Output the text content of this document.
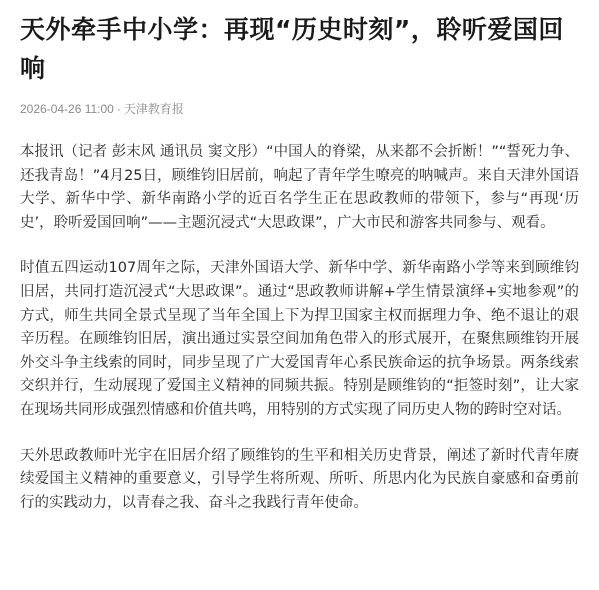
天外牵手中小学：再现“历史时刻”，聆听爱国回响
2026-04-26 11:00 · 天津教育报

本报讯（记者 彭末风 通讯员 窦文彤）“中国人的脊梁，从来都不会折断！”“誓死力争、还我青岛！”4月25日，顾维钧旧居前，响起了青年学生嘹亮的呐喊声。来自天津外国语大学、新华中学、新华南路小学的近百名学生正在思政教师的带领下，参与“再现‘历史’，聆听爱国回响”——主题沉浸式“大思政课”，广大市民和游客共同参与、观看。

时值五四运动107周年之际，天津外国语大学、新华中学、新华南路小学等来到顾维钧旧居，共同打造沉浸式“大思政课”。通过“思政教师讲解+学生情景演绎+实地参观”的方式，师生共同全景式呈现了当年全国上下为捍卫国家主权而据理力争、绝不退让的艰辛历程。在顾维钧旧居，演出通过实景空间加角色带入的形式展开，在聚焦顾维钧开展外交斗争主线索的同时，同步呈现了广大爱国青年心系民族命运的抗争场景。两条线索交织并行，生动展现了爱国主义精神的同频共振。特别是顾维钧的“拒签时刻”，让大家在现场共同形成强烈情感和价值共鸣，用特别的方式实现了同历史人物的跨时空对话。

天外思政教师叶光宇在旧居介绍了顾维钧的生平和相关历史背景，阐述了新时代青年赓续爱国主义精神的重要意义，引导学生将所观、所听、所思内化为民族自豪感和奋勇前行的实践动力，以青春之我、奋斗之我践行青年使命。
